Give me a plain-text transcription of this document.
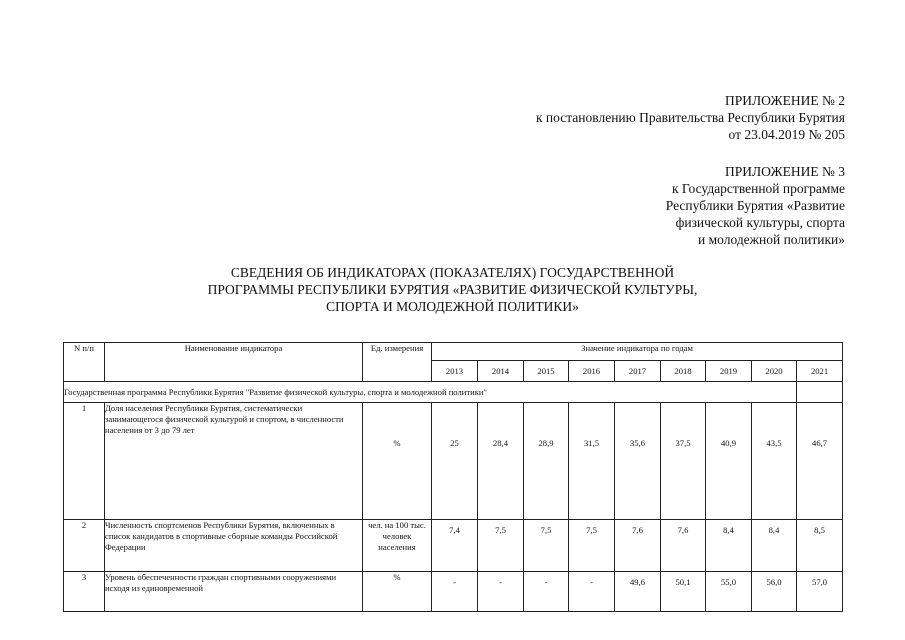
ПРИЛОЖЕНИЕ № 2
к постановлению Правительства Республики Бурятия
от 23.04.2019 № 205
ПРИЛОЖЕНИЕ № 3
к Государственной программе
Республики Бурятия «Развитие
физической культуры, спорта
и молодежной политики»
СВЕДЕНИЯ ОБ ИНДИКАТОРАХ (ПОКАЗАТЕЛЯХ) ГОСУДАРСТВЕННОЙ
ПРОГРАММЫ РЕСПУБЛИКИ БУРЯТИЯ «РАЗВИТИЕ ФИЗИЧЕСКОЙ КУЛЬТУРЫ,
СПОРТА И МОЛОДЕЖНОЙ ПОЛИТИКИ»
N п/п	Наименование индикатора	Ед. измерения	Значение индикатора по годам								
			2013	2014	2015	2016	2017	2018	2019	2020	2021
Государственная программа Республики Бурятия "Развитие физической культуры, спорта и молодежной политики"											
1	Доля населения Республики Бурятия, систематически занимающегося физической культурой и спортом, в численности населения от 3 до 79 лет	%	25	28,4	28,9	31,5	35,6	37,5	40,9	43,5	46,7
2	Численность спортсменов Республики Бурятия, включенных в список кандидатов в спортивные сборные команды Российской Федерации	чел. на 100 тыс. человек населения	7,4	7,5	7,5	7,5	7,6	7,6	8,4	8,4	8,5
3	Уровень обеспеченности граждан спортивными сооружениями исходя из единовременной	%	-	-	-	-	49,6	50,1	55,0	56,0	57,0
